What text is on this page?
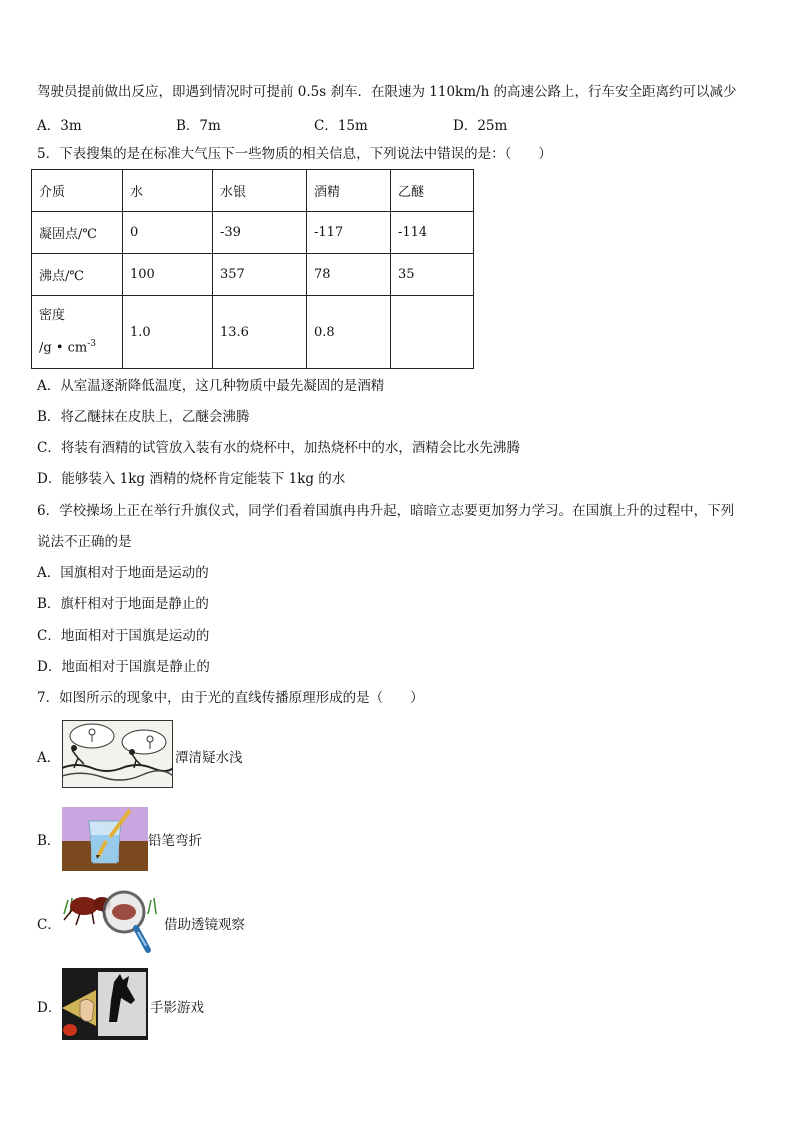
驾驶员提前做出反应，即遇到情况时可提前 0.5s 刹车．在限速为 110km/h 的高速公路上，行车安全距离约可以减少
A．3m	B．7m	C．15m	D．25m
5．下表搜集的是在标准大气压下一些物质的相关信息，下列说法中错误的是：（　　）
介质	水	水银	酒精	乙醚
凝固点/℃	0	-39	-117	-114
沸点/℃	100	357	78	35

密度
/g • $cm^{-3}$	1.0	13.6	0.8	
A．从室温逐渐降低温度，这几种物质中最先凝固的是酒精
B．将乙醚抹在皮肤上，乙醚会沸腾
C．将装有酒精的试管放入装有水的烧杯中，加热烧杯中的水，酒精会比水先沸腾
D．能够装入 1kg 酒精的烧杯肯定能装下 1kg 的水
6．学校操场上正在举行升旗仪式，同学们看着国旗冉冉升起，暗暗立志要更加努力学习。在国旗上升的过程中，下列
说法不正确的是
A．国旗相对于地面是运动的
B．旗杆相对于地面是静止的
C．地面相对于国旗是运动的
D．地面相对于国旗是静止的
7．如图所示的现象中，由于光的直线传播原理形成的是（　　）
A．	潭清疑水浅
B．	铅笔弯折
C．	借助透镜观察
D．	手影游戏
